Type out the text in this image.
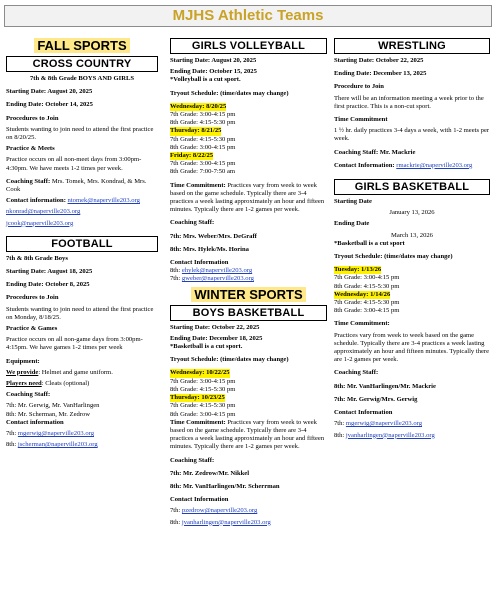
MJHS Athletic Teams
FALL SPORTS
CROSS COUNTRY
7th & 8th Grade BOYS AND GIRLS
Starting Date: August 20, 2025
Ending Date: October 14, 2025
Procedures to Join
Students wanting to join need to attend the first practice on 8/20/25.
Practice & Meets
Practice occurs on all non-meet days from 3:00pm-4:30pm. We have meets 1-2 times per week.
Coaching Staff: Mrs. Tomek, Mrs. Kondrad, & Mrs. Cook
Contact information: ntomek@naperville203.org
nkonrad@naperville203.org
jcook@naperville203.org
FOOTBALL
7th & 8th Grade Boys
Starting Date: August 18, 2025
Ending Date: October 8, 2025
Procedures to Join
Students wanting to join need to attend the first practice on Monday, 8/18/25.
Practice & Games
Practice occurs on all non-game days from 3:00pm-4:15pm. We have games 1-2 times per week
Equipment:
We provide: Helmet and game uniform.
Players need: Cleats (optional)
Coaching Staff:
7th: Mr. Gerwig, Mr. VanHarlingen
8th: Mr. Scherman, Mr. Zedrow
Contact information
7th: mgerwig@naperville203.org
8th: jscherman@naperville203.org
GIRLS VOLLEYBALL
Starting Date: August 20, 2025
Ending Date: October 15, 2025
*Volleyball is a cut sport.
Tryout Schedule: (time/dates may change)
Wednesday: 8/20/25
7th Grade: 3:00-4:15 pm
8th Grade: 4:15-5:30 pm
Thursday: 8/21/25
7th Grade: 4:15-5:30 pm
8th Grade: 3:00-4:15 pm
Friday: 8/22/25
7th Grade: 3:00-4:15 pm
8th Grade: 7:00-7:50 am
Time Commitment: Practices vary from week to week based on the game schedule. Typically there are 3-4 practices a week lasting approximately an hour and fifteen minutes. Typically there are 1-2 games per week.
Coaching Staff:
7th: Mrs. Weber/Mrs. DeGraff
8th: Mrs. Hylek/Ms. Horina
Contact Information
8th: ehylek@naperville203.org
7th: gweber@naperville203.org
WINTER SPORTS
BOYS BASKETBALL
Starting Date: October 22, 2025
Ending Date: December 18, 2025
*Basketball is a cut sport.
Tryout Schedule: (time/dates may change)
Wednesday: 10/22/25
7th Grade: 3:00-4:15 pm
8th Grade: 4:15-5:30 pm
Thursday: 10/23/25
7th Grade: 4:15-5:30 pm
8th Grade: 3:00-4:15 pm
Time Commitment: Practices vary from week to week based on the game schedule. Typically there are 3-4 practices a week lasting approximately an hour and fifteen minutes. Typically there are 1-2 games per week.
Coaching Staff:
7th: Mr. Zedrow/Mr. Nikkel
8th: Mr. VanHarlingen/Mr. Scherrman
Contact Information
7th: pzedrow@naperville203.org
8th: jvanharlingen@naperville203.org
WRESTLING
Starting Date: October 22, 2025
Ending Date: December 13, 2025
Procedure to Join
There will be an information meeting a week prior to the first practice. This is a non-cut sport.
Time Commitment
1 ½ hr. daily practices 3-4 days a week, with 1-2 meets per week.
Coaching Staff: Mr. Mackrie
Contact Information: rmackrie@naperville203.org
GIRLS BASKETBALL
Starting Date
January 13, 2026
Ending Date
March 13, 2026
*Basketball is a cut sport
Tryout Schedule: (time/dates may change)
Tuesday: 1/13/26
7th Grade: 3:00-4:15 pm
8th Grade: 4:15-5:30 pm
Wednesday: 1/14/26
7th Grade: 4:15-5:30 pm
8th Grade: 3:00-4:15 pm
Time Commitment:
Practices vary from week to week based on the game schedule. Typically there are 3-4 practices a week lasting approximately an hour and fifteen minutes. Typically there are 1-2 games per week.
Coaching Staff:
8th: Mr. VanHarlingen/Mr. Mackrie
7th: Mr. Gerwig/Mrs. Gerwig
Contact Information
7th: mgerwig@naperville203.org
8th: jvanharlingen@naperville203.org
